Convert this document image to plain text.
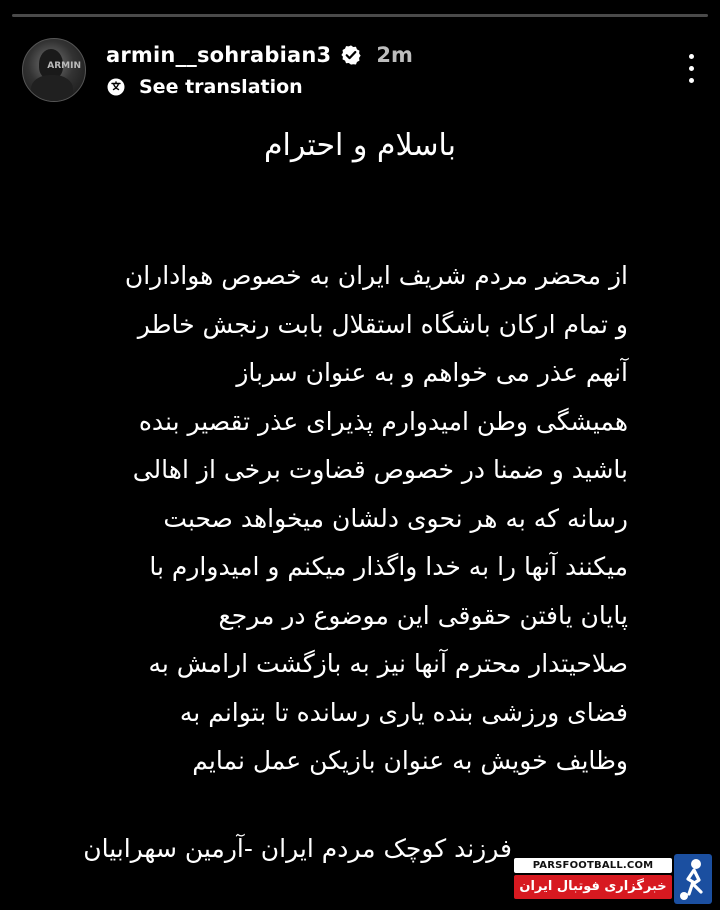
ARMIN armin__sohrabian3 2m
See translation
باسلام و احترام
از محضر مردم شریف ایران به خصوص هواداران
و تمام ارکان باشگاه استقلال بابت رنجش خاطر
آنهم عذر می خواهم و به عنوان سرباز
همیشگی وطن امیدوارم پذیرای عذر تقصیر بنده
باشید و ضمنا در خصوص قضاوت برخی از اهالی
رسانه که به هر نحوی دلشان میخواهد صحبت
میکنند آنها را به خدا واگذار میکنم و امیدوارم با
پایان یافتن حقوقی این موضوع در مرجع
صلاحیتدار محترم آنها نیز به بازگشت ارامش به
فضای ورزشی بنده یاری رسانده تا بتوانم به
وظایف خویش به عنوان بازیکن عمل نمایم
فرزند کوچک مردم ایران -آرمین سهرابیان
PARSFOOTBALL.COM
خبرگزاری فوتبال ایران
